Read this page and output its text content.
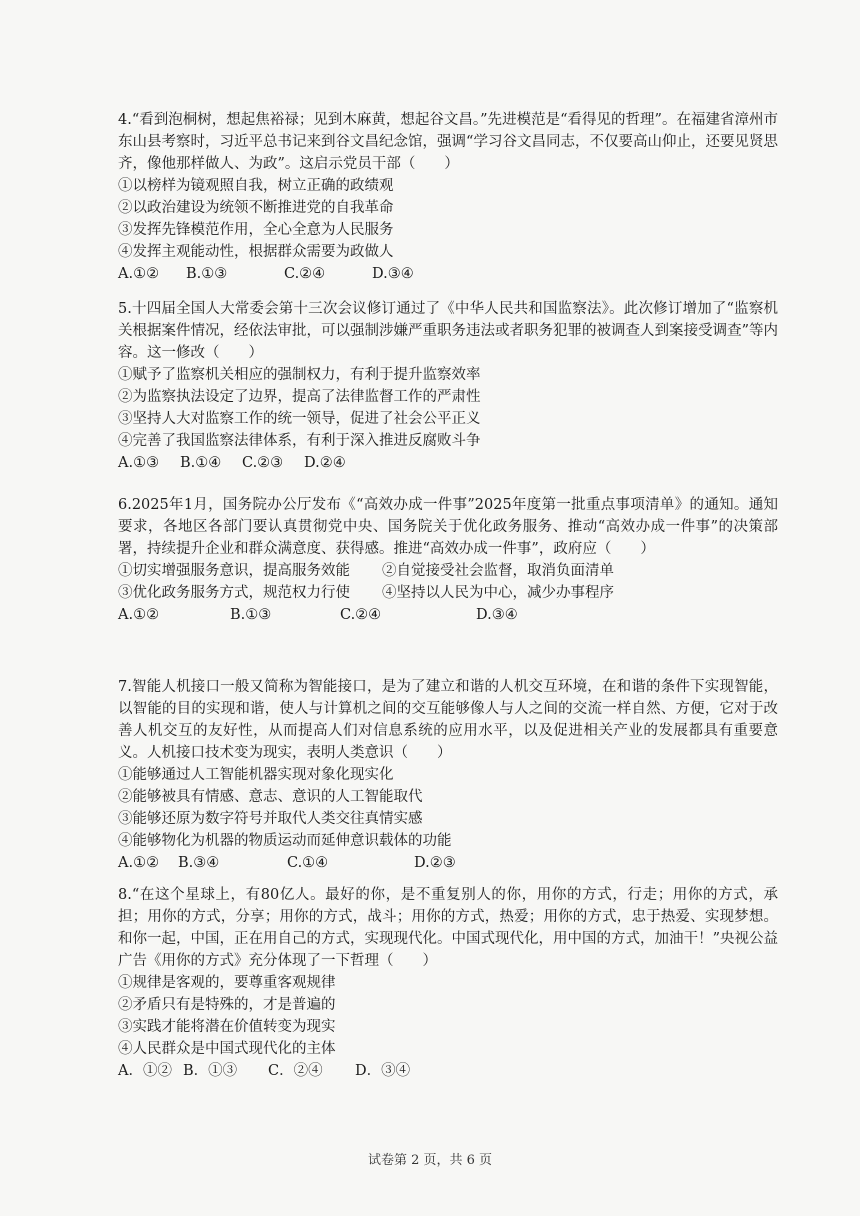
4.“看到泡桐树，想起焦裕禄；见到木麻黄，想起谷文昌。”先进模范是“看得见的哲理”。在福建省漳州市东山县考察时，习近平总书记来到谷文昌纪念馆，强调“学习谷文昌同志，不仅要高山仰止，还要见贤思齐，像他那样做人、为政”。这启示党员干部（　　）
①以榜样为镜观照自我，树立正确的政绩观
②以政治建设为统领不断推进党的自我革命
③发挥先锋模范作用，全心全意为人民服务
④发挥主观能动性，根据群众需要为政做人
A.①②	B.①③	C.②④	D.③④
5.十四届全国人大常委会第十三次会议修订通过了《中华人民共和国监察法》。此次修订增加了“监察机关根据案件情况，经依法审批，可以强制涉嫌严重职务违法或者职务犯罪的被调查人到案接受调查”等内容。这一修改（　　）
①赋予了监察机关相应的强制权力，有利于提升监察效率
②为监察执法设定了边界，提高了法律监督工作的严肃性
③坚持人大对监察工作的统一领导，促进了社会公平正义
④完善了我国监察法律体系，有利于深入推进反腐败斗争
A.①③	B.①④	C.②③	D.②④
6.2025年1月，国务院办公厅发布《“高效办成一件事”2025年度第一批重点事项清单》的通知。通知要求，各地区各部门要认真贯彻党中央、国务院关于优化政务服务、推动“高效办成一件事”的决策部署，持续提升企业和群众满意度、获得感。推进“高效办成一件事”，政府应（　　）
①切实增强服务意识，提高服务效能	②自觉接受社会监督，取消负面清单
③优化政务服务方式，规范权力行使	④坚持以人民为中心，减少办事程序
A.①②	B.①③	C.②④	D.③④
7.智能人机接口一般又简称为智能接口，是为了建立和谐的人机交互环境，在和谐的条件下实现智能，以智能的目的实现和谐，使人与计算机之间的交互能够像人与人之间的交流一样自然、方便，它对于改善人机交互的友好性，从而提高人们对信息系统的应用水平，以及促进相关产业的发展都具有重要意义。人机接口技术变为现实，表明人类意识（　　）
①能够通过人工智能机器实现对象化现实化
②能够被具有情感、意志、意识的人工智能取代
③能够还原为数字符号并取代人类交往真情实感
④能够物化为机器的物质运动而延伸意识载体的功能
A.①②	B.③④	C.①④	D.②③
8.“在这个星球上，有80亿人。最好的你，是不重复别人的你，用你的方式，行走；用你的方式，承担；用你的方式，分享；用你的方式，战斗；用你的方式，热爱；用你的方式，忠于热爱、实现梦想。和你一起，中国，正在用自己的方式，实现现代化。中国式现代化，用中国的方式，加油干！”央视公益广告《用你的方式》充分体现了一下哲理（　　）
①规律是客观的，要尊重客观规律
②矛盾只有是特殊的，才是普遍的
③实践才能将潜在价值转变为现实
④人民群众是中国式现代化的主体
A．①② B．①③	C．②④	D．③④
试卷第 2 页，共 6 页
